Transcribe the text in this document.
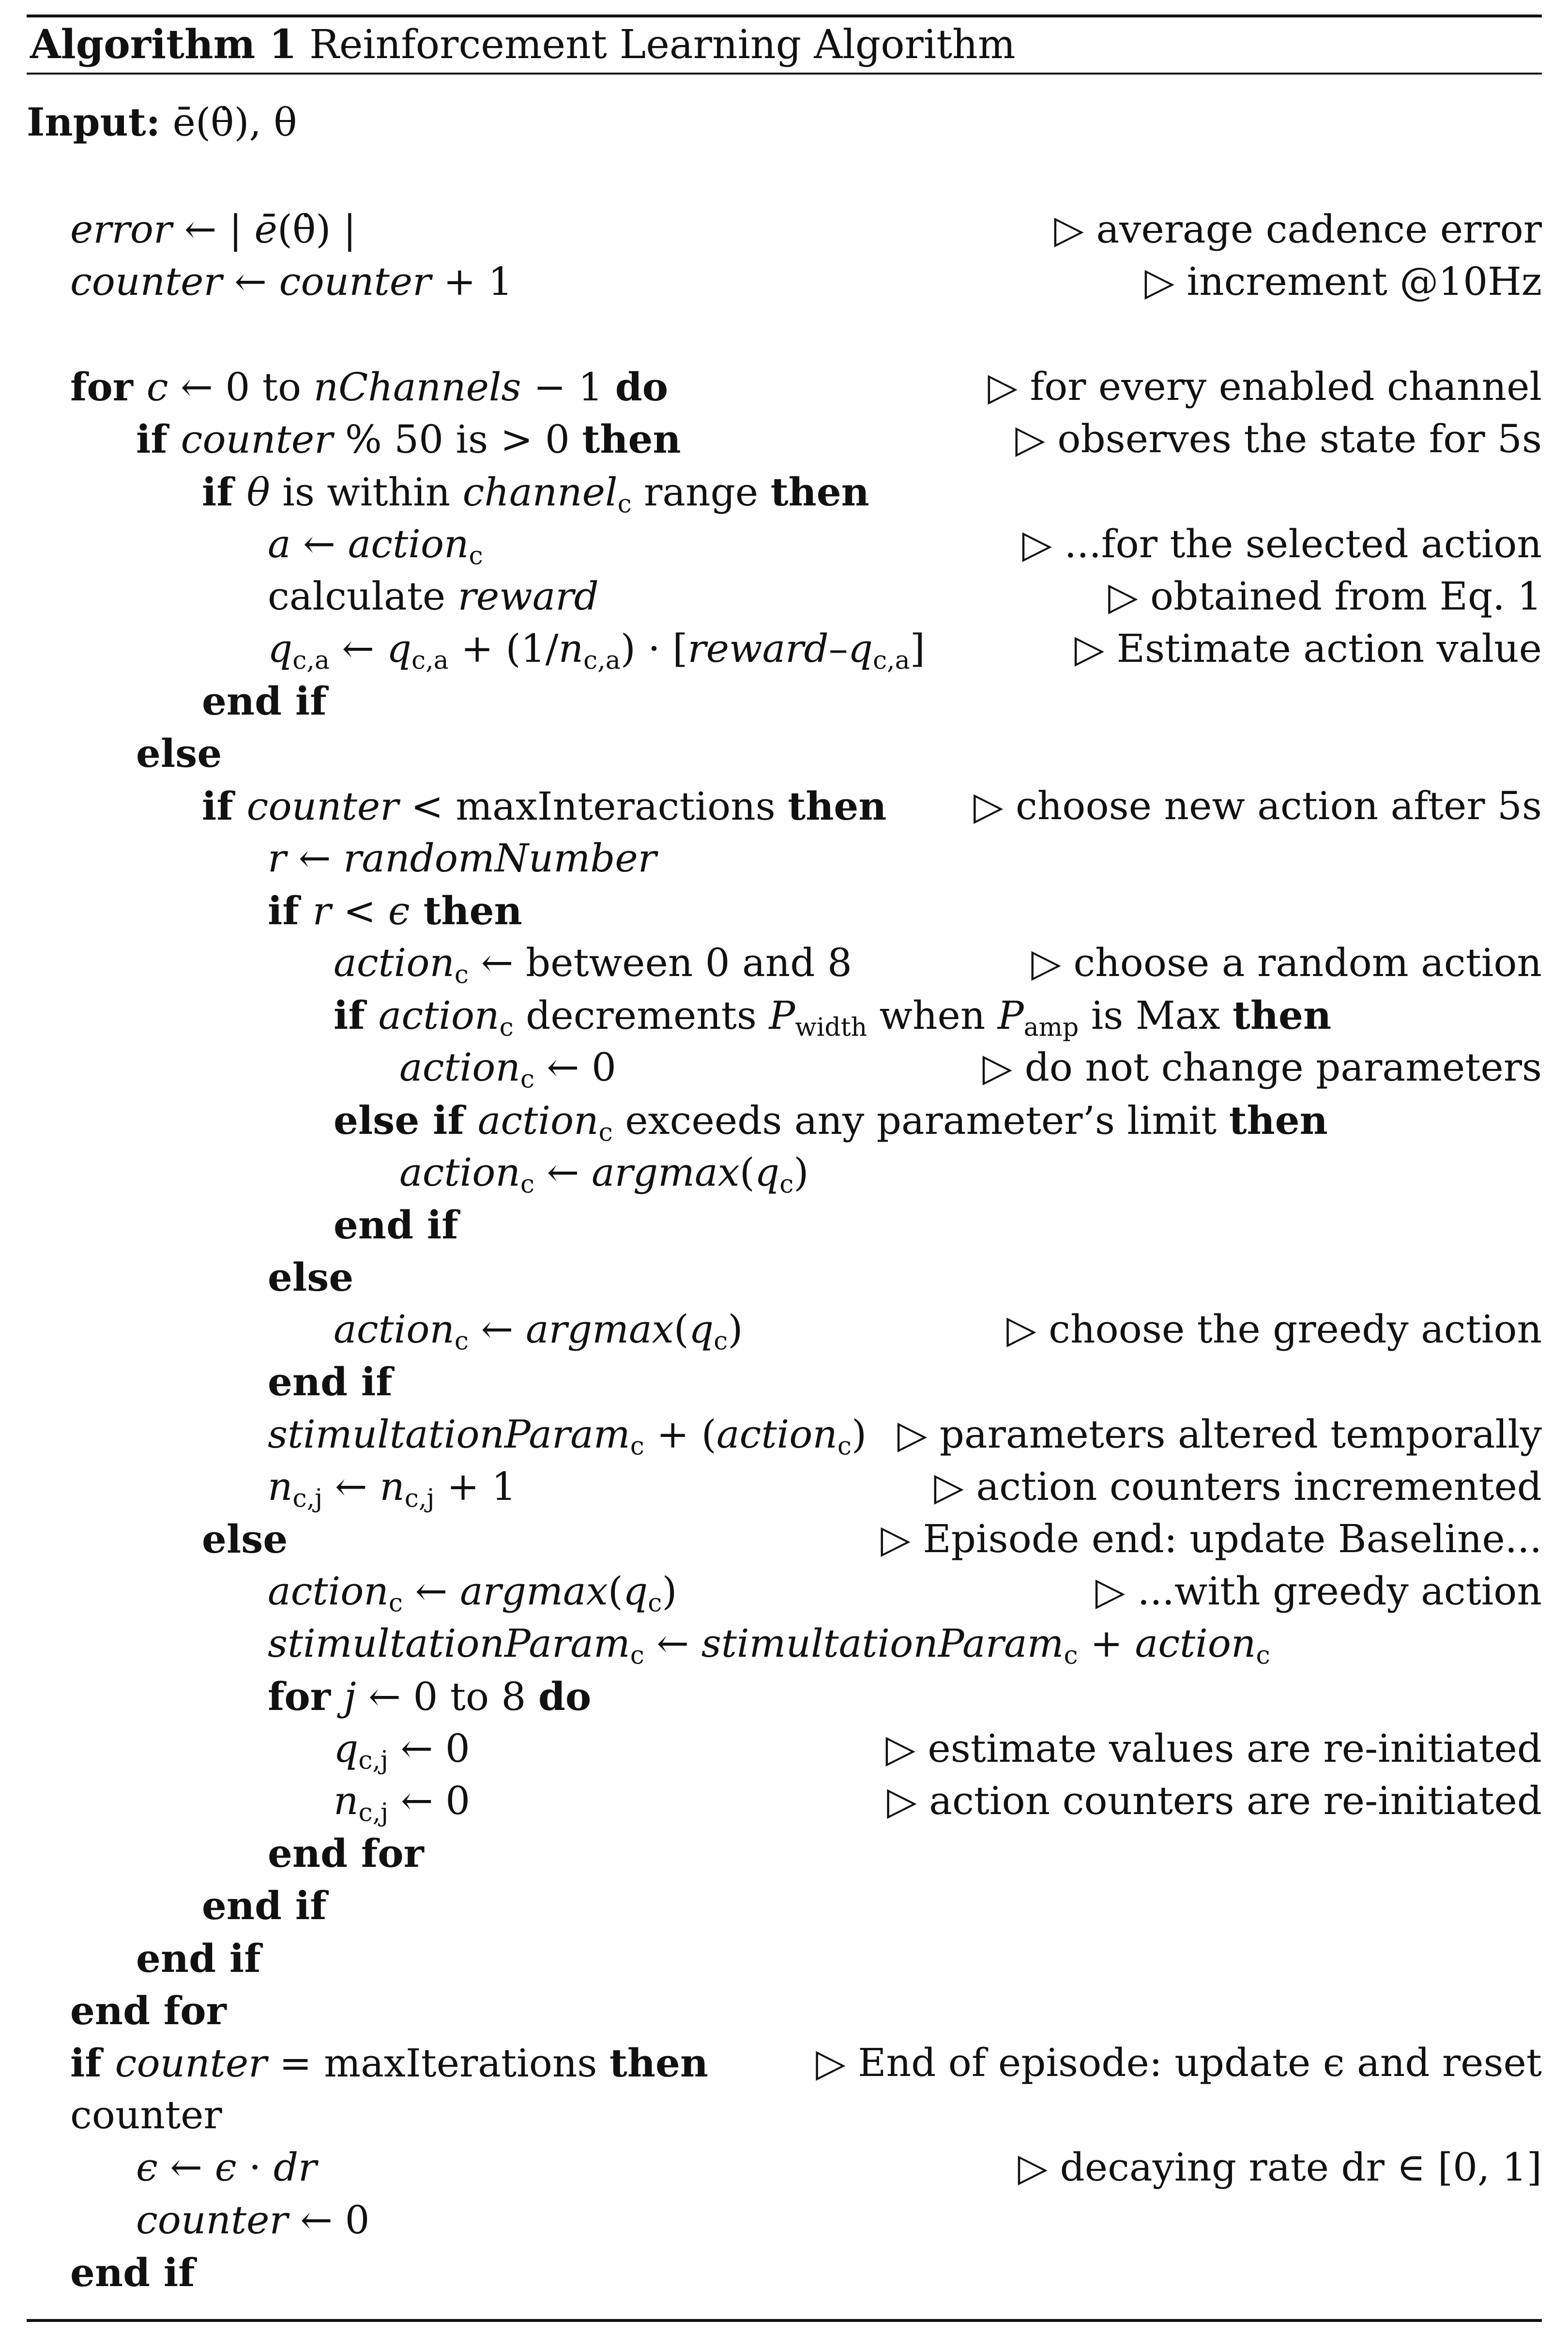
Algorithm 1 Reinforcement Learning Algorithm
Input: ē(θ̇), θ
error ← | ē(θ̇) |	▷ average cadence error
counter ← counter + 1	▷ increment @10Hz
for c ← 0 to nChannels − 1 do	▷ for every enabled channel
if counter % 50 is > 0 then	▷ observes the state for 5s
if θ is within channel$_c$ range then
a ← action$_c$	▷ ...for the selected action
calculate reward	▷ obtained from Eq. 1
$q_{c,a}$ ← $q_{c,a} + (1/n_{c,a})$ · $[reward-q_{c,a}]$	▷ Estimate action value
end if
else
if counter < maxInteractions then ▷ choose new action after 5s
r ← randomNumber
if r < ϵ then
action$_c$ ← between 0 and 8	▷ choose a random action
if action$_c$ decrements $P_{width}$ when $P_{amp}$ is Max then
action$_c$ ← 0	▷ do not change parameters
else if action$_c$ exceeds any parameter’s limit then
action$_c$ ← $argmax(q_c)$
end if
else
action$_c$ ← $argmax(q_c)$	▷ choose the greedy action
end if
stimultationParam$_c$ + (action$_c$) ▷ parameters altered temporally
$n_{c,j}$ ← $n_{c,j} + 1$	▷ action counters incremented
else	▷ Episode end: update Baseline...
action$_c$ ← $argmax(q_c)$	▷ ...with greedy action
stimultationParam$_c$ ← stimultationParam$_c$ + action$_c$
for j ← 0 to 8 do
$q_{c,j}$ ← 0	▷ estimate values are re-initiated
$n_{c,j}$ ← 0	▷ action counters are re-initiated
end for
end if
end if
end for
if counter = maxIterations then	▷ End of episode: update ϵ and reset
counter
ϵ ← ϵ · dr	▷ decaying rate dr ∈ [0, 1]
counter ← 0
end if
